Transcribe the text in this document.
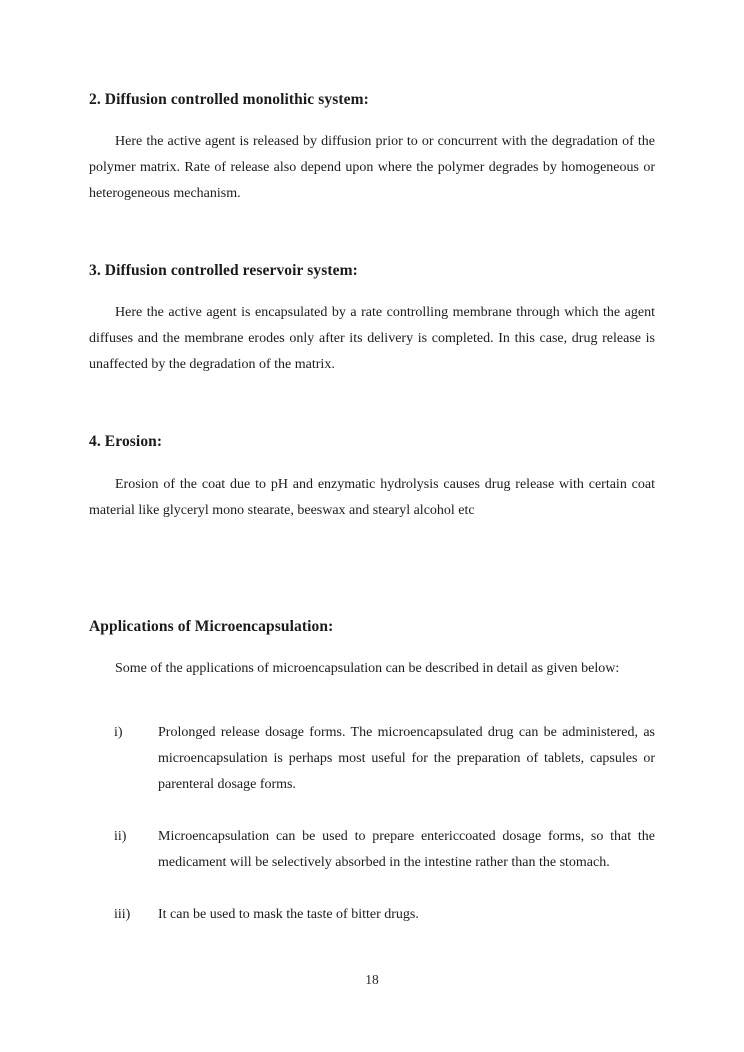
2. Diffusion controlled monolithic system:

Here the active agent is released by diffusion prior to or concurrent with the degradation of the polymer matrix. Rate of release also depend upon where the polymer degrades by homogeneous or heterogeneous mechanism.

3. Diffusion controlled reservoir system:

Here the active agent is encapsulated by a rate controlling membrane through which the agent diffuses and the membrane erodes only after its delivery is completed. In this case, drug release is unaffected by the degradation of the matrix.

4. Erosion:

Erosion of the coat due to pH and enzymatic hydrolysis causes drug release with certain coat material like glyceryl mono stearate, beeswax and stearyl alcohol etc

Applications of Microencapsulation:

Some of the applications of microencapsulation can be described in detail as given below:

i)	Prolonged release dosage forms. The microencapsulated drug can be administered, as microencapsulation is perhaps most useful for the preparation of tablets, capsules or parenteral dosage forms.
ii)	Microencapsulation can be used to prepare entericcoated dosage forms, so that the medicament will be selectively absorbed in the intestine rather than the stomach.
iii)	It can be used to mask the taste of bitter drugs.
18
